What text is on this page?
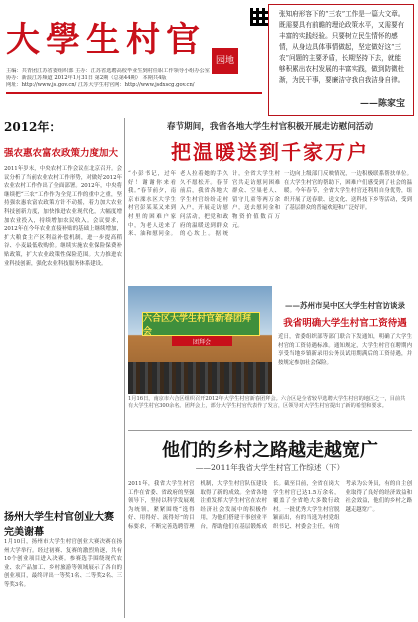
大學生村官
园地
主编：共青团江苏省委组织部 主办：江苏省选聘高校毕业生到村任职工作领导小组办公室
协办：新浪江苏频道 2012年1月31日 第2期（总第44期） 本期共4版
网址：http://www.js.gov.cn/ 江苏大学生村官网：http://www.jsdxscg.gov.cn/
张知府形容下的“三农”工作是一篇大文章。既需要具有前瞻的理论政策水平，又需要有丰富的实践经验。只要树立民生情怀的感情，从身边具体事情做起，坚定做好这“三农”问题的主要矛盾，长期坚持下去，就能够积累出农村发展的丰富实践，做到防微杜渐，为民干事，要廉洁守我自我洁身自律。
——陈家宝
2012年：
强农惠农富农政策力度加大
2011年岁末，中央农村工作会议在北京召开。会议分析了当前农业农村工作形势，对做好2012年农业农村工作作出了全面部署。2012年，中央将继续把“三农”工作作为全党工作的重中之重，坚持强农惠农富农政策方针不动摇，着力加大农业科技创新力度，加快推进农业现代化，大幅度增加农业投入，持续增加农民收入。会议要求，2012年在今年农业直接补贴的基础上继续增加，扩大粮食主产区利益补偿机制，进一步提高稻谷、小麦最低收购价。继续实施农业保险保费补贴政策，扩大农业政策性保险范围。大力推进农业科技创新，强化农业科技服务体系建设。
春节期间，我省各地大学生村官积极开展走访慰问活动
把温暖送到千家万户
“小彭书记，过年好！谢谢你来看我。”春节前夕，南京市溧水区大学生村官彭某某又来到村里的困难户家中，为老人送来了米、油和慰问金。老人拉着她的手久久不愿松开。春节前后，我省各地大学生村官纷纷走村入户，开展走访慰问活动，把党和政府的温暖送到群众的心坎上。据统计，全省大学生村官共走访慰问困难群众、空巢老人、留守儿童等两万余户，送去慰问金和物资价值数百万元。
一边向上级部门反映情况，一边积极联系帮扶单位。在大学生村官的帮助下，困难户们感受到了社会的温暖。今年春节，全省大学生村官还利用自身优势，组织开展了送春联、送文化、送科技下乡等活动，受到了基层群众的普遍欢迎和广泛好评。
六合区大学生村官新春团拜会
团拜会
1月16日，南京市六合区组织召开2012年大学生村官新春团拜会。六合区是全省较早选聘大学生村官的地区之一，目前共有大学生村官300余名。团拜会上，部分大学生村官代表作了发言，区领导对大学生村官提出了新的希望和要求。
——苏州市吴中区大学生村官访谈录
我省明确大学生村官工资待遇
近日，省委组织部等部门联合下发通知，明确了大学生村官的工资待遇标准。通知规定，大学生村官在聘期内享受当地乡镇新录用公务员试用期满后的工资待遇，并按规定参加社会保险。
他们的乡村之路越走越宽广
——2011年我省大学生村官工作综述（下）
2011年，我省大学生村官工作在省委、省政府的坚强领导下，坚持以科学发展观为统领，紧紧围绕“选得好、用得好、流得好”的目标要求，不断完善选聘管理机制，大学生村官队伍建设取得了新的成效。全省各地注重发挥大学生村官在农村经济社会发展中的积极作用，为他们搭建干事创业平台，帮助他们在基层锻炼成长。截至目前，全省在岗大学生村官已达1.5万余名，覆盖了全省绝大多数行政村。一批优秀大学生村官脱颖而出，有的当选为村党组织书记、村委会主任，有的考录为公务员，有的自主创业取得了良好的经济效益和社会效益，他们的乡村之路越走越宽广。
扬州大学生村官创业大赛完美谢幕
1月10日，扬州市大学生村官创业大赛决赛在扬州大学举行。经过初赛、复赛的激烈角逐，共有10个创业项目进入决赛。参赛选手围绕现代农业、农产品加工、乡村旅游等领域展示了各自的创业项目，最终评出一等奖1名、二等奖2名、三等奖3名。
